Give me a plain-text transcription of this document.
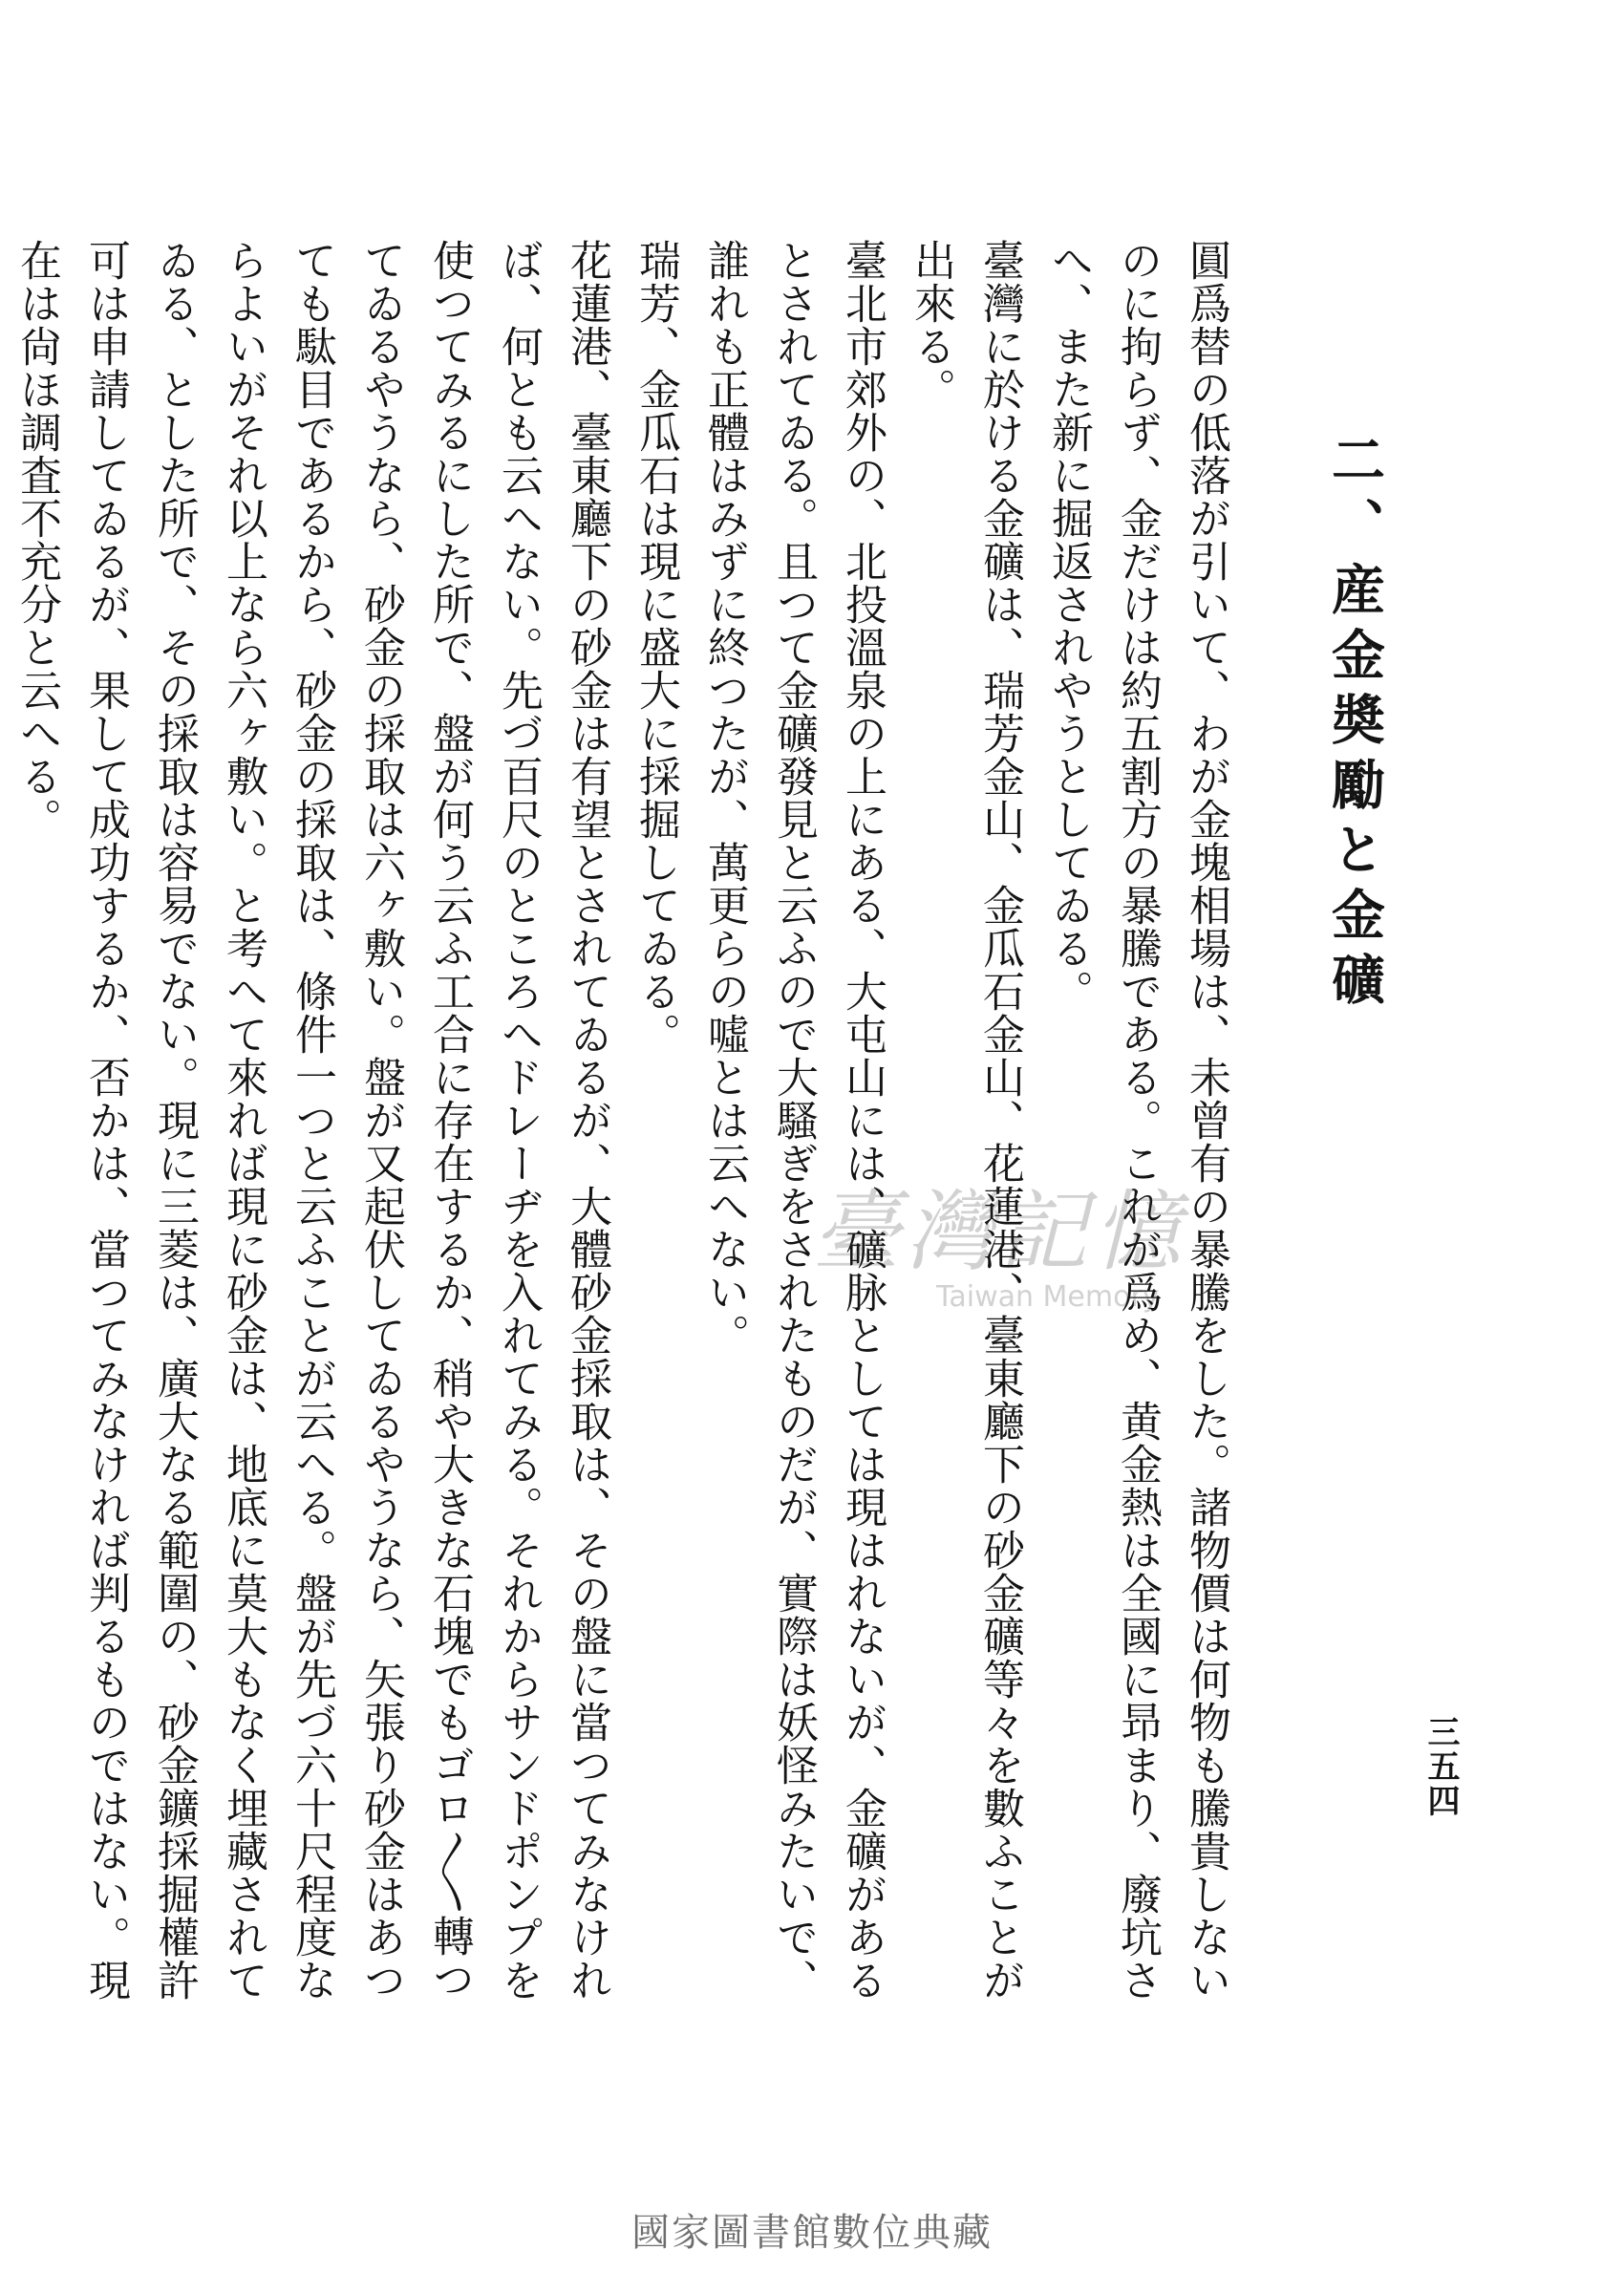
三五四
二、産金奬勵と金礦

圓爲替の低落が引いて、わが金塊相場は、未曾有の暴騰をした。諸物價は何物も騰貴しないのに拘らず、金だけは約五割方の暴騰である。これが爲め、黄金熱は全國に昻まり、廢坑さへ、また新に掘返されやうとしてゐる。

臺灣に於ける金礦は、瑞芳金山、金瓜石金山、花蓮港、臺東廳下の砂金礦等々を數ふことが出來る。

臺北市郊外の、北投溫泉の上にある、大屯山には、礦脉としては現はれないが、金礦があるとされてゐる。且つて金礦發見と云ふので大騷ぎをされたものだが、實際は妖怪みたいで、誰れも正體はみずに終つたが、萬更らの噓とは云へない。

瑞芳、金瓜石は現に盛大に採掘してゐる。

花蓮港、臺東廳下の砂金は有望とされてゐるが、大體砂金採取は、その盤に當つてみなければ、何とも云へない。先づ百尺のところへドレーヂを入れてみる。それからサンドポンプを使つてみるにした所で、盤が何う云ふ工合に存在するか、稍や大きな石塊でもゴロ〳〵轉つてゐるやうなら、砂金の採取は六ヶ敷い。盤が又起伏してゐるやうなら、矢張り砂金はあつても駄目であるから、砂金の採取は、條件一つと云ふことが云へる。盤が先づ六十尺程度ならよいがそれ以上なら六ヶ敷い。と考へて來れば現に砂金は、地底に莫大もなく埋藏されてゐる、とした所で、その採取は容易でない。現に三菱は、廣大なる範圍の、砂金鑛採掘權許可は申請してゐるが、果して成功するか、否かは、當つてみなければ判るものではない。現在は尙ほ調査不充分と云へる。

臺灣記憶
Taiwan Memory
國家圖書館數位典藏
